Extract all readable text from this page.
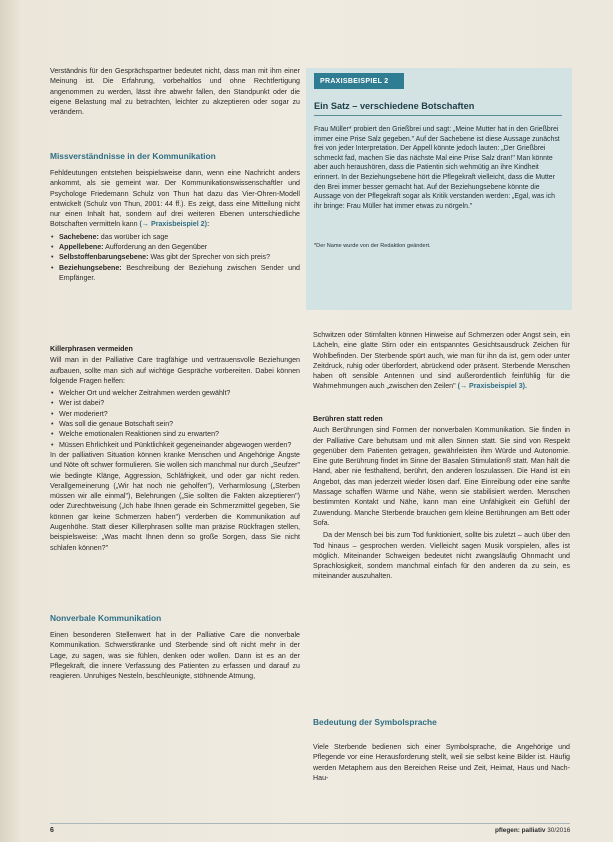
Verständnis für den Gesprächspartner bedeutet nicht, dass man mit ihm einer Meinung ist. Die Erfahrung, vorbehaltlos und ohne Rechtfertigung angenommen zu werden, lässt ihre abwehr fallen, den Standpunkt oder die eigene Belastung mal zu betrachten, leichter zu akzeptieren oder sogar zu verändern.

Missverständnisse in der Kommunikation

Fehldeutungen entstehen beispielsweise dann, wenn eine Nachricht anders ankommt, als sie gemeint war. Der Kommunikationswissenschaftler und Psychologe Friedemann Schulz von Thun hat dazu das Vier-Ohren-Modell entwickelt (Schulz von Thun, 2001: 44 ff.). Es zeigt, dass eine Mitteilung nicht nur einen Inhalt hat, sondern auf drei weiteren Ebenen unterschiedliche Botschaften vermitteln kann (→ Praxisbeispiel 2):

• Sachebene: das worüber ich sage
• Appellebene: Aufforderung an den Gegenüber
• Selbstoffenbarungsebene: Was gibt der Sprecher von sich preis?
• Beziehungsebene: Beschreibung der Beziehung zwischen Sender und Empfänger.
Killerphrasen vermeiden

Will man in der Palliative Care tragfähige und vertrauensvolle Beziehungen aufbauen, sollte man sich auf wichtige Gespräche vorbereiten. Dabei können folgende Fragen helfen:

• Welcher Ort und welcher Zeitrahmen werden gewählt?
• Wer ist dabei?
• Wer moderiert?
• Was soll die genaue Botschaft sein?
• Welche emotionalen Reaktionen sind zu erwarten?
• Müssen Ehrlichkeit und Pünktlichkeit gegeneinander abgewogen werden?

In der palliativen Situation können kranke Menschen und Angehörige Ängste und Nöte oft schwer formulieren. Sie wollen sich manchmal nur durch „Seufzer" wie bedingte Klänge, Aggression, Schläfrigkeit, und oder gar nicht reden. Verallgemeinerung („Wir hat noch nie geholfen"), Verharmlosung („Sterben müssen wir alle einmal"), Belehrungen („Sie sollten die Fakten akzeptieren") oder Zurechtweisung („Ich habe Ihnen gerade ein Schmerzmittel gegeben, Sie können gar keine Schmerzen haben") verderben die Kommunikation auf Augenhöhe. Statt dieser Killerphrasen sollte man präzise Rückfragen stellen, beispielsweise: „Was macht Ihnen denn so große Sorgen, dass Sie nicht schlafen können?"

Nonverbale Kommunikation

Einen besonderen Stellenwert hat in der Palliative Care die nonverbale Kommunikation. Schwerstkranke und Sterbende sind oft nicht mehr in der Lage, zu sagen, was sie fühlen, denken oder wollen. Dann ist es an der Pflegekraft, die innere Verfassung des Patienten zu erfassen und darauf zu reagieren. Unruhiges Nesteln, beschleunigte, stöhnende Atmung,

PRAXISBEISPIEL 2
Ein Satz – verschiedene Botschaften
Frau Müller* probiert den Grießbrei und sagt: „Meine Mutter hat in den Grießbrei immer eine Prise Salz gegeben." Auf der Sachebene ist diese Aussage zunächst frei von jeder Interpretation. Der Appell könnte jedoch lauten: „Der Grießbrei schmeckt fad, machen Sie das nächste Mal eine Prise Salz dran!" Man könnte aber auch heraushören, dass die Patientin sich wehmütig an ihre Kindheit erinnert. In der Beziehungsebene hört die Pflegekraft vielleicht, dass die Mutter den Brei immer besser gemacht hat. Auf der Beziehungsebene könnte die Aussage von der Pflegekraft sogar als Kritik verstanden werden: „Egal, was ich ihr bringe: Frau Müller hat immer etwas zu nörgeln."
*Der Name wurde von der Redaktion geändert.

Schwitzen oder Stirnfalten können Hinweise auf Schmerzen oder Angst sein, ein Lächeln, eine glatte Stirn oder ein entspanntes Gesichtsausdruck Zeichen für Wohlbefinden. Der Sterbende spürt auch, wie man für ihn da ist, gern oder unter Zeitdruck, ruhig oder überfordert, abrückend oder präsent. Sterbende Menschen haben oft sensible Antennen und sind außerordentlich feinfühlig für die Wahrnehmungen auch „zwischen den Zeilen" (→ Praxisbeispiel 3).

Berühren statt reden

Auch Berührungen sind Formen der nonverbalen Kommunikation. Sie finden in der Palliative Care behutsam und mit allen Sinnen statt. Sie sind von Respekt gegenüber dem Patienten getragen, gewährleisten ihm Würde und Autonomie. Eine gute Berührung findet im Sinne der Basalen Stimulation® statt. Man hält die Hand, aber nie festhaltend, berührt, den anderen loszulassen. Die Hand ist ein Angebot, das man jederzeit wieder lösen darf. Eine Einreibung oder eine sanfte Massage schaffen Wärme und Nähe, wenn sie stabilisiert werden. Menschen bestimmten Kontakt und Nähe, kann man eine Unfähigkeit ein Gefühl der Zuwendung. Manche Sterbende brauchen gern kleine Berührungen am Bett oder Sofa.

Da der Mensch bei bis zum Tod funktioniert, sollte bis zuletzt – auch über den Tod hinaus – gesprochen werden. Vielleicht sagen Musik vorspielen, alles ist möglich. Miteinander Schweigen bedeutet nicht zwangsläufig Ohnmacht und Sprachlosigkeit, sondern manchmal einfach für den anderen da zu sein, es miteinander auszuhalten.

Bedeutung der Symbolsprache

Viele Sterbende bedienen sich einer Symbolsprache, die Angehörige und Pflegende vor eine Herausforderung stellt, weil sie selbst keine Bilder ist. Häufig werden Metaphern aus den Bereichen Reise und Zeit, Heimat, Haus und Nach-Hau-

6	pflegen: palliativ 30/2016
